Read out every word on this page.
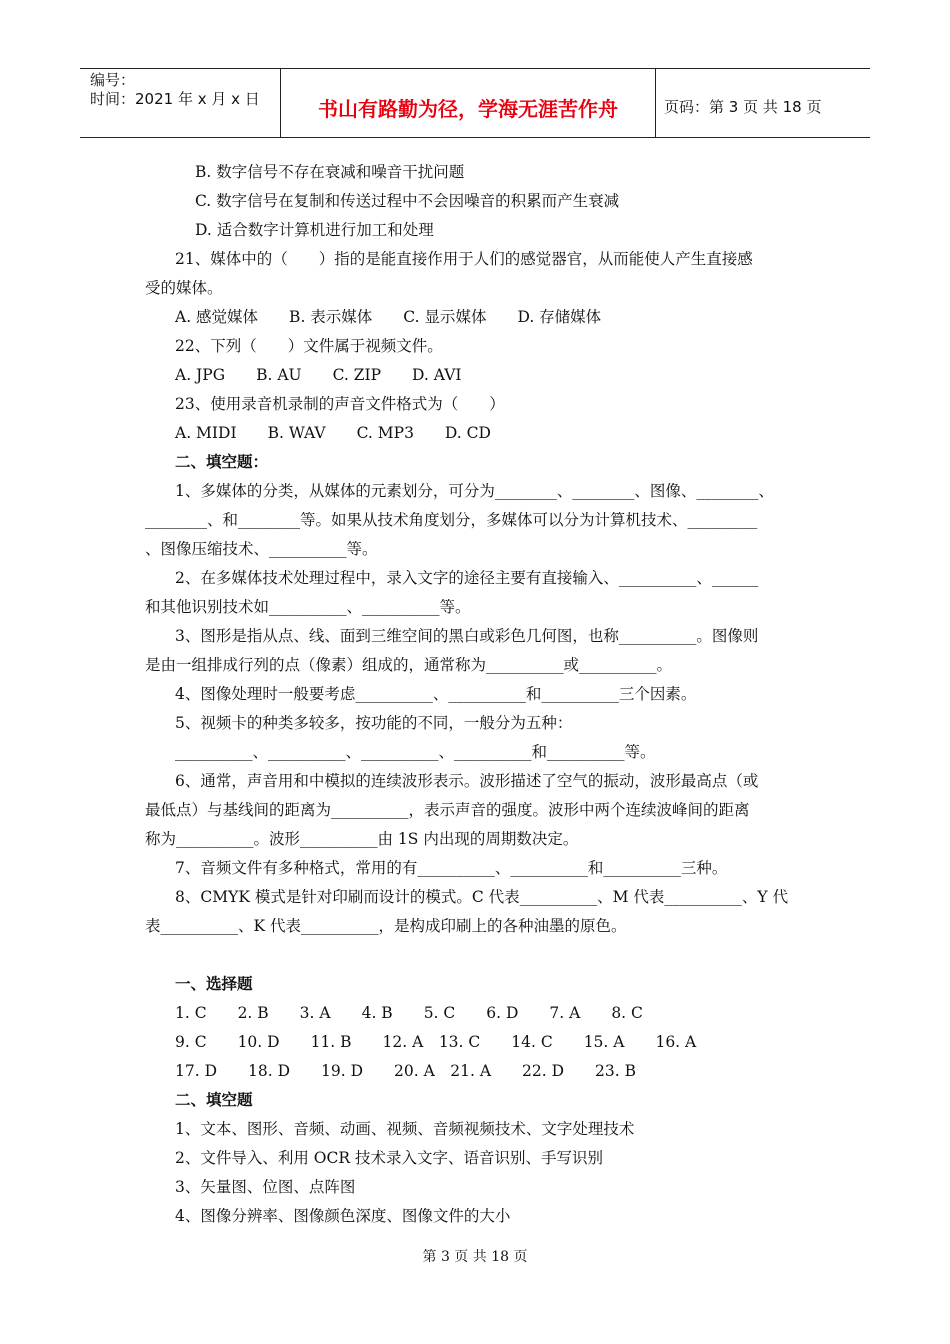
编号：
时间：2021 年 x 月 x 日	书山有路勤为径，学海无涯苦作舟	页码：第 3 页 共 18 页
B. 数字信号不存在衰减和噪音干扰问题
C. 数字信号在复制和传送过程中不会因噪音的积累而产生衰减
D. 适合数字计算机进行加工和处理
21、媒体中的（　　）指的是能直接作用于人们的感觉器官，从而能使人产生直接感
受的媒体。
A. 感觉媒体　　B. 表示媒体　　C. 显示媒体　　D. 存储媒体
22、下列（　　）文件属于视频文件。
A. JPG　　B. AU　　C. ZIP　　D. AVI
23、使用录音机录制的声音文件格式为（　　）
A. MIDI　　B. WAV　　C. MP3　　D. CD
二、填空题：
1、多媒体的分类，从媒体的元素划分，可分为________、________、图像、________、
________、和________等。如果从技术角度划分，多媒体可以分为计算机技术、_________
、图像压缩技术、__________等。
2、在多媒体技术处理过程中，录入文字的途径主要有直接输入、__________、______
和其他识别技术如__________、__________等。
3、图形是指从点、线、面到三维空间的黑白或彩色几何图，也称__________。图像则
是由一组排成行列的点（像素）组成的，通常称为__________或__________。
4、图像处理时一般要考虑__________、__________和__________三个因素。
5、视频卡的种类多较多，按功能的不同，一般分为五种：
__________、__________、__________、__________和__________等。
6、通常，声音用和中模拟的连续波形表示。波形描述了空气的振动，波形最高点（或
最低点）与基线间的距离为__________，表示声音的强度。波形中两个连续波峰间的距离
称为__________。波形__________由 1S 内出现的周期数决定。
7、音频文件有多种格式，常用的有__________、__________和__________三种。
8、CMYK 模式是针对印刷而设计的模式。C 代表__________、M 代表__________、Y 代
表__________、K 代表__________，是构成印刷上的各种油墨的原色。
一、选择题
1. C　　2. B　　3. A　　4. B　　5. C　　6. D　　7. A　　8. C
9. C　　10. D　　11. B　　12. A　13. C　　14. C　　15. A　　16. A
17. D　　18. D　　19. D　　20. A　21. A　　22. D　　23. B
二、填空题
1、文本、图形、音频、动画、视频、音频视频技术、文字处理技术
2、文件导入、利用 OCR 技术录入文字、语音识别、手写识别
3、矢量图、位图、点阵图
4、图像分辨率、图像颜色深度、图像文件的大小
第 3 页 共 18 页
